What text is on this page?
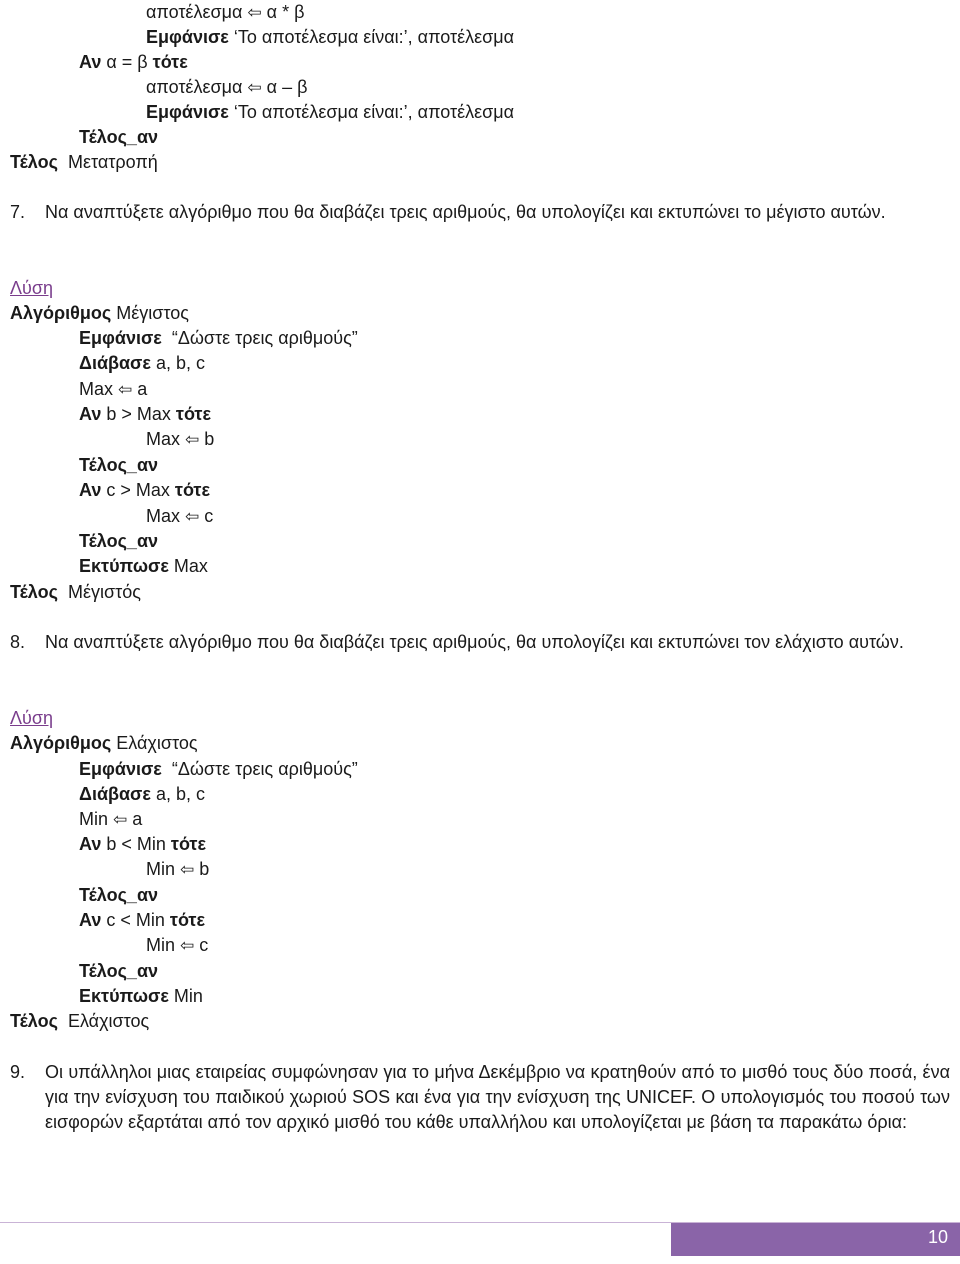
αποτέλεσμα ⇦ α * β
Εμφάνισε ‘Το αποτέλεσμα είναι:’, αποτέλεσμα
Αν α = β τότε
αποτέλεσμα ⇦ α – β
Εμφάνισε ‘Το αποτέλεσμα είναι:’, αποτέλεσμα
Τέλος_αν
Τέλος Μετατροπή
7. Να αναπτύξετε αλγόριθμο που θα διαβάζει τρεις αριθμούς, θα υπολογίζει και εκτυπώνει το μέγιστο αυτών.
Λύση
Αλγόριθμος Μέγιστος
Εμφάνισε “Δώστε τρεις αριθμούς”
Διάβασε a, b, c
Max ⇦ a
Αν b > Max τότε
Max ⇦ b
Τέλος_αν
Αν c > Max τότε
Max ⇦ c
Τέλος_αν
Εκτύπωσε Max
Τέλος Μέγιστός
8. Να αναπτύξετε αλγόριθμο που θα διαβάζει τρεις αριθμούς, θα υπολογίζει και εκτυπώνει τον ελάχιστο αυτών.
Λύση
Αλγόριθμος Ελάχιστος
Εμφάνισε “Δώστε τρεις αριθμούς”
Διάβασε a, b, c
Min ⇦ a
Αν b < Min τότε
Min ⇦ b
Τέλος_αν
Αν c < Min τότε
Min ⇦ c
Τέλος_αν
Εκτύπωσε Min
Τέλος Ελάχιστος
9. Οι υπάλληλοι μιας εταιρείας συμφώνησαν για το μήνα Δεκέμβριο να κρατηθούν από το μισθό τους δύο ποσά, ένα για την ενίσχυση του παιδικού χωριού SOS και ένα για την ενίσχυση της UNICEF. Ο υπολογισμός του ποσού των εισφορών εξαρτάται από τον αρχικό μισθό του κάθε υπαλλήλου και υπολογίζεται με βάση τα παρακάτω όρια:
10
